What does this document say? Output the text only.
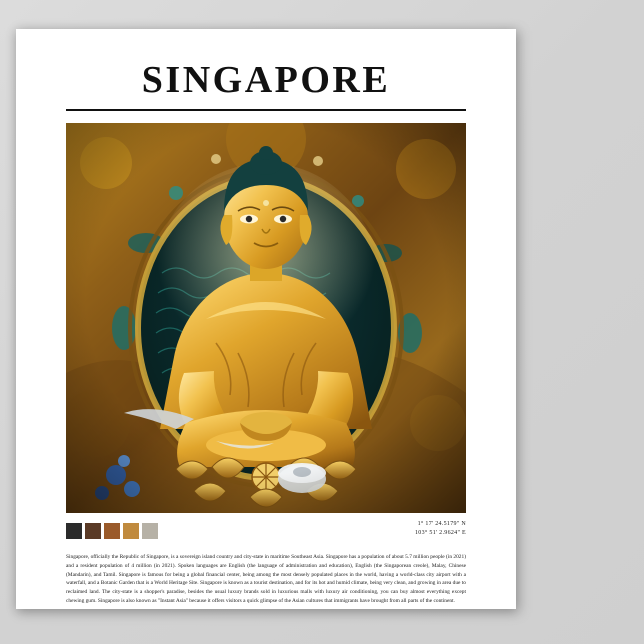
SINGAPORE
1° 17' 24.5179" N
103° 51' 2.9624" E
Singapore, officially the Republic of Singapore, is a sovereign island country and city-state in maritime Southeast Asia. Singapore has a population of about 5.7 million people (in 2021) and a resident population of 4 million (in 2021). Spoken languages are English (the language of administration and education), English (the Singaporean creole), Malay, Chinese (Mandarin), and Tamil. Singapore is famous for being a global financial center, being among the most densely populated places in the world, having a world-class city airport with a waterfall, and a Botanic Garden that is a World Heritage Site. Singapore is known as a tourist destination, and for its hot and humid climate, being very clean, and growing in area due to reclaimed land. The city-state is a shopper's paradise, besides the usual luxury brands sold in luxurious malls with luxury air conditioning, you can buy almost everything except chewing gum. Singapore is also known as "Instant Asia" because it offers visitors a quick glimpse of the Asian cultures that immigrants have brought from all parts of the continent.
